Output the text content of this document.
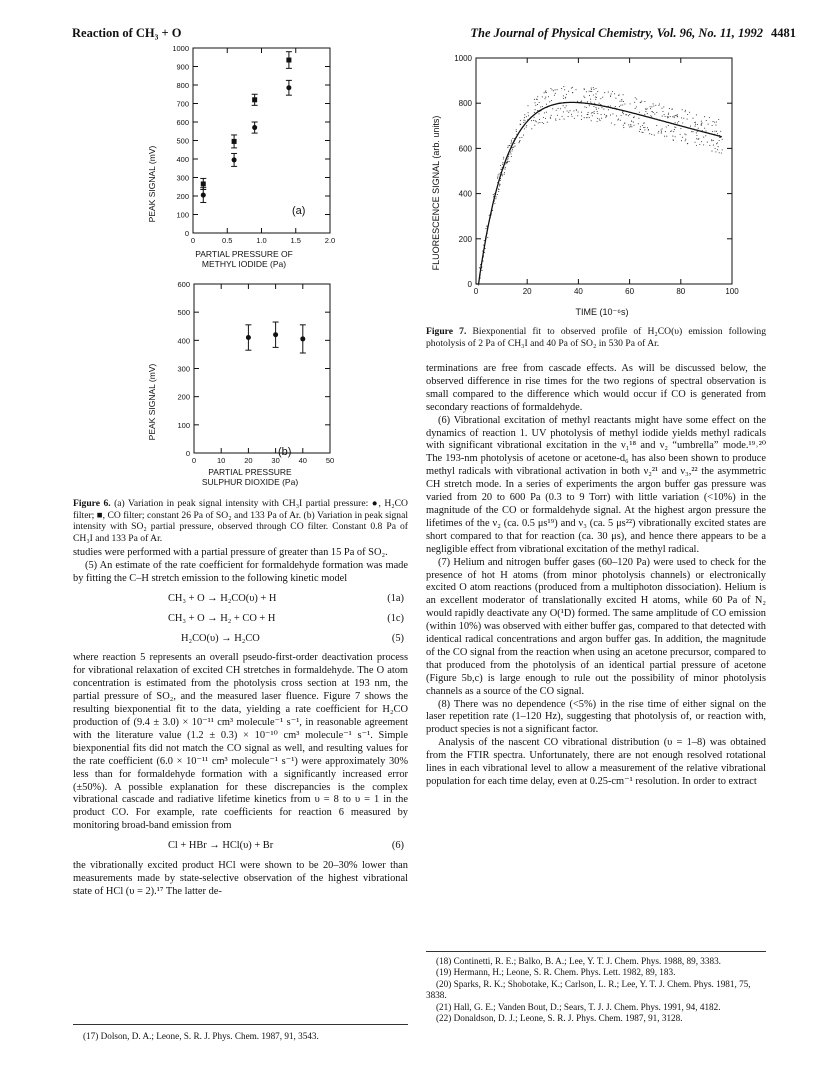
Reaction of CH₃ + O	The Journal of Physical Chemistry, Vol. 96, No. 11, 1992 4481
PEAK SIGNAL (mV)
PARTIAL PRESSURE OF
METHYL IODIDE (Pa)
(a)
0
100
200
300
400
500
600
700
800
900
1000
0	0.5	1.0	1.5	2.0
PEAK SIGNAL (mV)
PARTIAL PRESSURE
SULPHUR DIOXIDE (Pa)
(b)
0
100
200
300
400
500
600
0	10	20	30	40	50
FLUORESCENCE SIGNAL (arb. units)
TIME (10⁻⁶s)
0
200
400
600
800
1000
0	20	40	60	80	100
Figure 6. (a) Variation in peak signal intensity with CH₃I partial pressure: ●, H₂CO filter; ■, CO filter; constant 26 Pa of SO₂ and 133 Pa of Ar. (b) Variation in peak signal intensity with SO₂ partial pressure, observed through CO filter. Constant 0.8 Pa of CH₃I and 133 Pa of Ar.
Figure 7. Biexponential fit to observed profile of H₂CO(υ) emission following photolysis of 2 Pa of CH₃I and 40 Pa of SO₂ in 530 Pa of Ar.

studies were performed with a partial pressure of greater than 15 Pa of SO₂.

(5) An estimate of the rate coefficient for formaldehyde formation was made by fitting the C–H stretch emission to the following kinetic model

CH₃ + O → H₂CO(υ) + H	(1a)
CH₃ + O → H₂ + CO + H	(1c)
H₂CO(υ) → H₂CO	(5)

where reaction 5 represents an overall pseudo-first-order deactivation process for vibrational relaxation of excited CH stretches in formaldehyde. The O atom concentration is estimated from the photolysis cross section at 193 nm, the partial pressure of SO₂, and the measured laser fluence. Figure 7 shows the resulting biexponential fit to the data, yielding a rate coefficient for H₂CO production of (9.4 ± 3.0) × 10⁻¹¹ cm³ molecule⁻¹ s⁻¹, in reasonable agreement with the literature value (1.2 ± 0.3) × 10⁻¹⁰ cm³ molecule⁻¹ s⁻¹. Simple biexponential fits did not match the CO signal as well, and resulting values for the rate coefficient (6.0 × 10⁻¹¹ cm³ molecule⁻¹ s⁻¹) were approximately 30% less than for formaldehyde formation with a significantly increased error (±50%). A possible explanation for these discrepancies is the complex vibrational cascade and radiative lifetime kinetics from υ = 8 to υ = 1 in the product CO. For example, rate coefficients for reaction 6 measured by monitoring broad-band emission from

Cl + HBr → HCl(υ) + Br	(6)

the vibrationally excited product HCl were shown to be 20–30% lower than measurements made by state-selective observation of the highest vibrational state of HCl (υ = 2).¹⁷ The latter de-

terminations are free from cascade effects. As will be discussed below, the observed difference in rise times for the two regions of spectral observation is small compared to the difference which would occur if CO is generated from secondary reactions of formaldehyde.

(6) Vibrational excitation of methyl reactants might have some effect on the dynamics of reaction 1. UV photolysis of methyl iodide yields methyl radicals with significant vibrational excitation in the ν₁¹⁸ and ν₂ “umbrella” mode.¹⁹˒²⁰ The 193-nm photolysis of acetone or acetone-d₆ has also been shown to produce methyl radicals with vibrational activation in both ν₂²¹ and ν₃,²² the asymmetric CH stretch mode. In a series of experiments the argon buffer gas pressure was varied from 20 to 600 Pa (0.3 to 9 Torr) with little variation (<10%) in the magnitude of the CO or formaldehyde signal. At the highest argon pressure the lifetimes of the ν₂ (ca. 0.5 μs¹⁹) and ν₃ (ca. 5 μs²²) vibrationally excited states are short compared to that for reaction (ca. 30 μs), and hence there appears to be a negligible effect from vibrational excitation of the methyl radical.

(7) Helium and nitrogen buffer gases (60–120 Pa) were used to check for the presence of hot H atoms (from minor photolysis channels) or electronically excited O atom reactions (produced from a multiphoton dissociation). Helium is an excellent moderator of translationally excited H atoms, while 60 Pa of N₂ would rapidly deactivate any O(¹D) formed. The same amplitude of CO emission (within 10%) was observed with either buffer gas, compared to that detected with identical radical concentrations and argon buffer gas. In addition, the magnitude of the CO signal from the reaction when using an acetone precursor, compared to that produced from the photolysis of an identical partial pressure of acetone (Figure 5b,c) is large enough to rule out the possibility of minor photolysis channels as a source of the CO signal.

(8) There was no dependence (<5%) in the rise time of either signal on the laser repetition rate (1–120 Hz), suggesting that photolysis of, or reaction with, product species is not a significant factor.

Analysis of the nascent CO vibrational distribution (υ = 1–8) was obtained from the FTIR spectra. Unfortunately, there are not enough resolved rotational lines in each vibrational level to allow a measurement of the relative vibrational population for each time delay, even at 0.25-cm⁻¹ resolution. In order to extract

(17) Dolson, D. A.; Leone, S. R. J. Phys. Chem. 1987, 91, 3543.
(18) Continetti, R. E.; Balko, B. A.; Lee, Y. T. J. Chem. Phys. 1988, 89, 3383.
(19) Hermann, H.; Leone, S. R. Chem. Phys. Lett. 1982, 89, 183.
(20) Sparks, R. K.; Shobotake, K.; Carlson, L. R.; Lee, Y. T. J. Chem. Phys. 1981, 75, 3838.
(21) Hall, G. E.; Vanden Bout, D.; Sears, T. J. J. Chem. Phys. 1991, 94, 4182.
(22) Donaldson, D. J.; Leone, S. R. J. Phys. Chem. 1987, 91, 3128.
